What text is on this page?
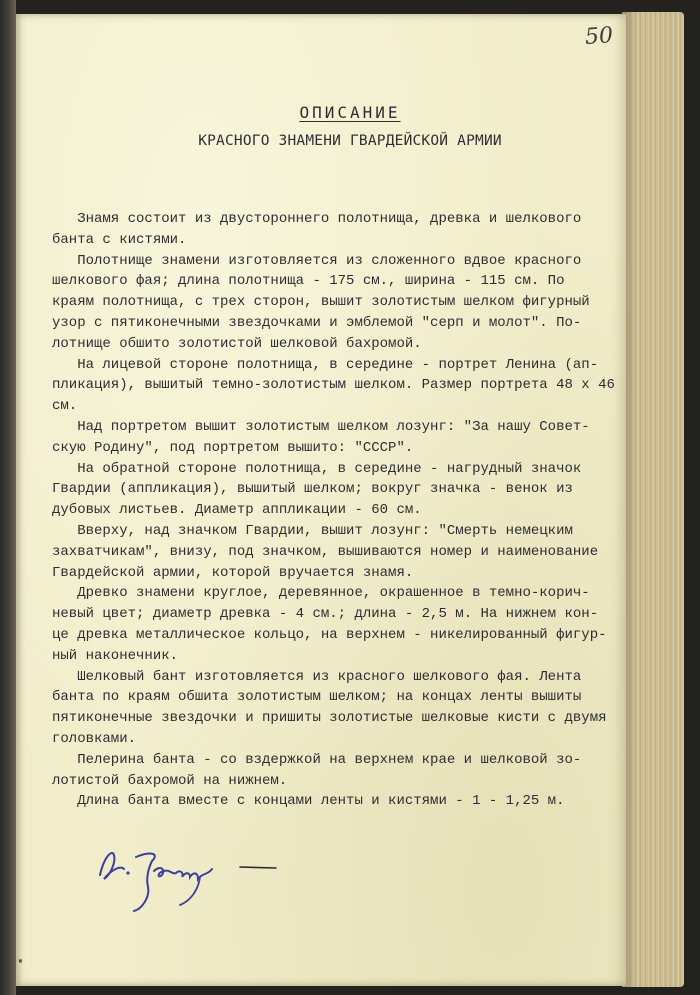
50
ОПИСАНИЕ
КРАСНОГО ЗНАМЕНИ ГВАРДЕЙСКОЙ АРМИИ
Знамя состоит из двустороннего полотнища, древка и шелкового
бaнтa с кистями.
Полотнище знамени изготовляется из сложенного вдвое красного
шелкового фая; длина полотнища - 175 см., ширина - 115 см. По
краям полотнища, с трех сторон, вышит золотистым шелком фигурный
узор с пятиконечными звездочками и эмблемой "серп и молот". По-
лотнище обшито золотистой шелковой бахромой.
На лицевой стороне полотнища, в середине - портрет Ленина (ап-
пликация), вышитый темно-золотистым шелком. Размер портрета 48 х 46
см.
Над портретом вышит золотистым шелком лозунг: "За нашу Совет-
скую Родину", под портретом вышито: "СССР".
На обратной стороне полотнища, в середине - нагрудный значок
Гвардии (аппликация), вышитый шелком; вокруг значка - венок из
дубовых листьев. Диаметр аппликации - 60 см.
Вверху, над значком Гвардии, вышит лозунг: "Смерть немецким
захватчикам", внизу, под значком, вышиваются номер и наименование
Гвардейской армии, которой вручается знамя.
Древко знамени круглое, деревянное, окрашенное в темно-корич-
невый цвет; диаметр древка - 4 см.; длина - 2,5 м. На нижнем кон-
це древка металлическое кольцо, на верхнем - никелированный фигур-
ный наконечник.
Шелковый бант изготовляется из красного шелкового фая. Лента
банта по краям обшита золотистым шелком; на концах ленты вышиты
пятиконечные звездочки и пришиты золотистые шелковые кисти с двумя
головками.
Пелерина банта - со вздержкой на верхнем крае и шелковой зо-
лотистой бахромой на нижнем.
Длина банта вместе с концами ленты и кистями - 1 - 1,25 м.
▪
